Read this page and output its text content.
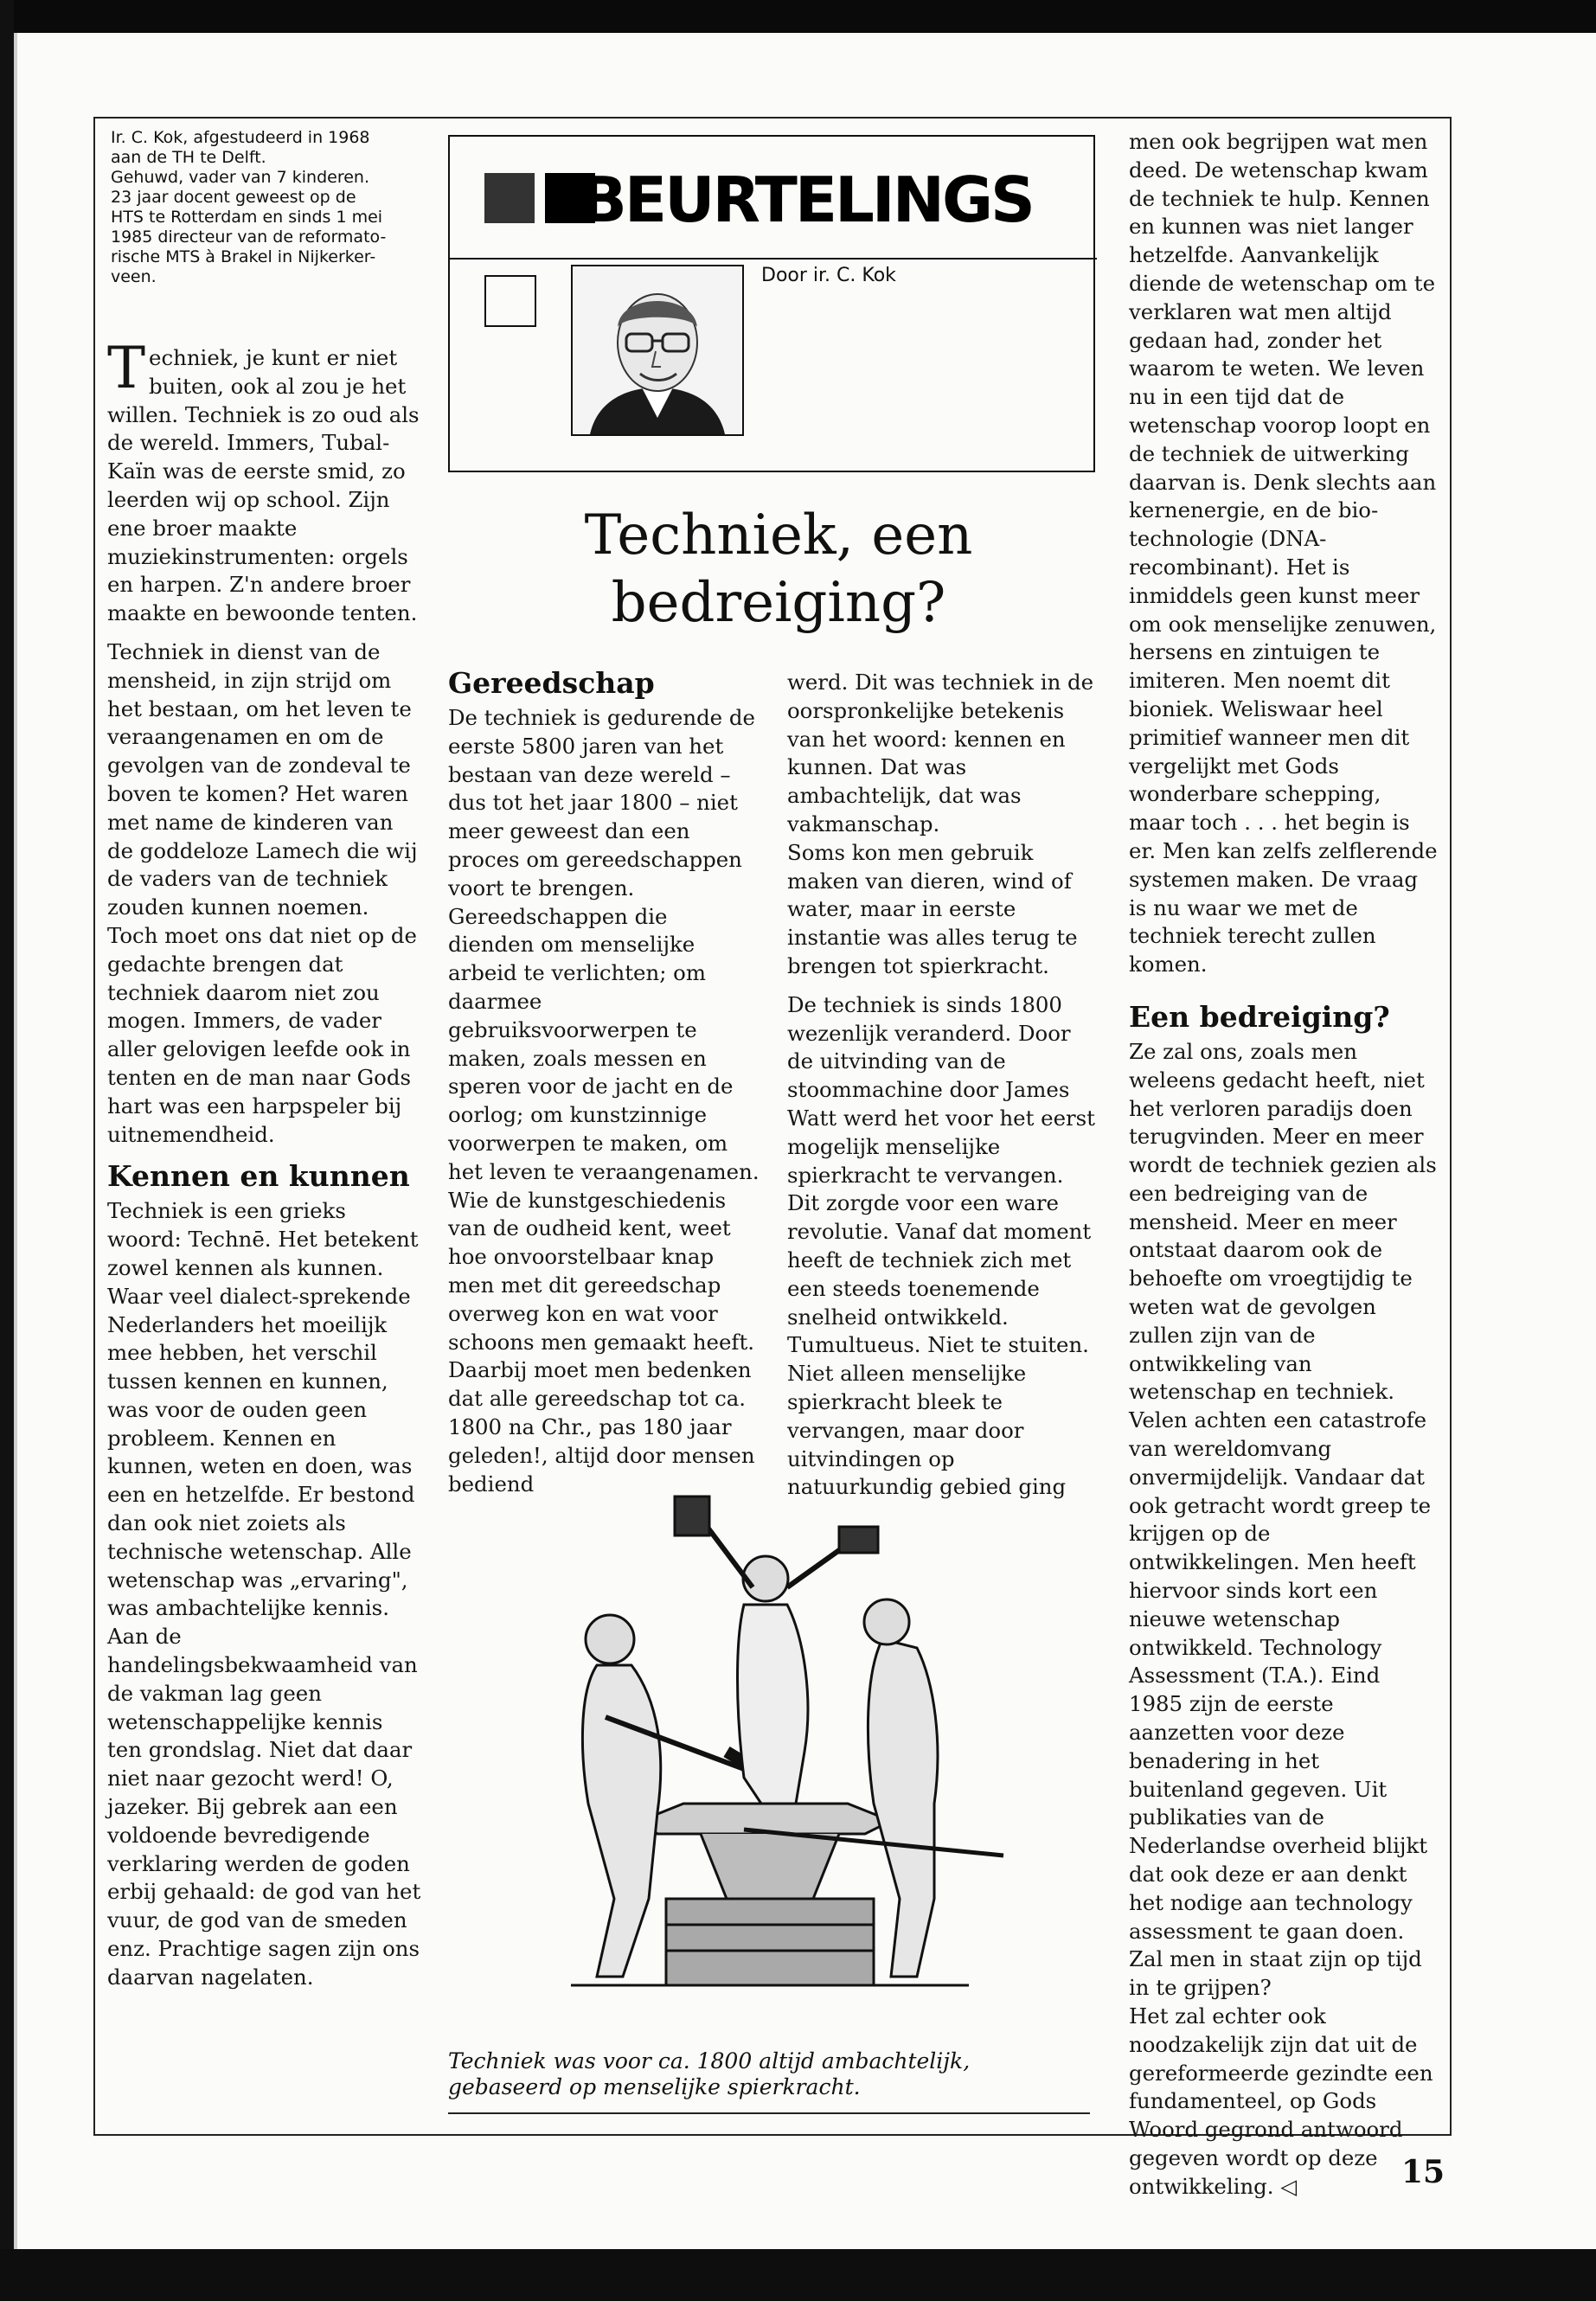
Ir. C. Kok, afgestudeerd in 1968
aan de TH te Delft.
Gehuwd, vader van 7 kinderen.
23 jaar docent geweest op de
HTS te Rotterdam en sinds 1 mei
1985 directeur van de reformato-
rische MTS à Brakel in Nijkerker-
veen.
BEURTELINGS
Door ir. C. Kok
Techniek, een
bedreiging?

Techniek, je kunt er niet buiten, ook al zou je het willen. Techniek is zo oud als de wereld. Immers, Tubal-Kaïn was de eerste smid, zo leerden wij op school. Zijn ene broer maakte muziekinstrumenten: orgels en harpen. Z'n andere broer maakte en bewoonde tenten.

Techniek in dienst van de mensheid, in zijn strijd om het bestaan, om het leven te veraangenamen en om de gevolgen van de zondeval te boven te komen? Het waren met name de kinderen van de goddeloze Lamech die wij de vaders van de techniek zouden kunnen noemen. Toch moet ons dat niet op de gedachte brengen dat techniek daarom niet zou mogen. Immers, de vader aller gelovigen leefde ook in tenten en de man naar Gods hart was een harpspeler bij uitnemendheid.

Kennen en kunnen

Techniek is een grieks woord: Technē. Het betekent zowel kennen als kunnen. Waar veel dialect-sprekende Nederlanders het moeilijk mee hebben, het verschil tussen kennen en kunnen, was voor de ouden geen probleem. Kennen en kunnen, weten en doen, was een en hetzelfde. Er bestond dan ook niet zoiets als technische wetenschap. Alle wetenschap was „ervaring", was ambachtelijke kennis. Aan de handelingsbekwaamheid van de vakman lag geen wetenschappelijke kennis ten grondslag. Niet dat daar niet naar gezocht werd! O, jazeker. Bij gebrek aan een voldoende bevredigende verklaring werden de goden erbij gehaald: de god van het vuur, de god van de smeden enz. Prachtige sagen zijn ons daarvan nagelaten.

Gereedschap

De techniek is gedurende de eerste 5800 jaren van het bestaan van deze wereld – dus tot het jaar 1800 – niet meer geweest dan een proces om gereedschappen voort te brengen. Gereedschappen die dienden om menselijke arbeid te verlichten; om daarmee gebruiksvoorwerpen te maken, zoals messen en speren voor de jacht en de oorlog; om kunstzinnige voorwerpen te maken, om het leven te veraangenamen. Wie de kunstgeschiedenis van de oudheid kent, weet hoe onvoorstelbaar knap men met dit gereedschap overweg kon en wat voor schoons men gemaakt heeft. Daarbij moet men bedenken dat alle gereedschap tot ca. 1800 na Chr., pas 180 jaar geleden!, altijd door mensen bediend

werd. Dit was techniek in de oorspronkelijke betekenis van het woord: kennen en kunnen. Dat was ambachtelijk, dat was vakmanschap.

Soms kon men gebruik maken van dieren, wind of water, maar in eerste instantie was alles terug te brengen tot spierkracht.

De techniek is sinds 1800 wezenlijk veranderd. Door de uitvinding van de stoommachine door James Watt werd het voor het eerst mogelijk menselijke spierkracht te vervangen. Dit zorgde voor een ware revolutie. Vanaf dat moment heeft de techniek zich met een steeds toenemende snelheid ontwikkeld. Tumultueus. Niet te stuiten.

Niet alleen menselijke spierkracht bleek te vervangen, maar door uitvindingen op natuurkundig gebied ging

men ook begrijpen wat men deed. De wetenschap kwam de techniek te hulp. Kennen en kunnen was niet langer hetzelfde. Aanvankelijk diende de wetenschap om te verklaren wat men altijd gedaan had, zonder het waarom te weten. We leven nu in een tijd dat de wetenschap voorop loopt en de techniek de uitwerking daarvan is. Denk slechts aan kernenergie, en de bio-technologie (DNA-recombinant). Het is inmiddels geen kunst meer om ook menselijke zenuwen, hersens en zintuigen te imiteren. Men noemt dit bioniek. Weliswaar heel primitief wanneer men dit vergelijkt met Gods wonderbare schepping, maar toch . . . het begin is er. Men kan zelfs zelflerende systemen maken. De vraag is nu waar we met de techniek terecht zullen komen.

Een bedreiging?

Ze zal ons, zoals men weleens gedacht heeft, niet het verloren paradijs doen terugvinden. Meer en meer wordt de techniek gezien als een bedreiging van de mensheid. Meer en meer ontstaat daarom ook de behoefte om vroegtijdig te weten wat de gevolgen zullen zijn van de ontwikkeling van wetenschap en techniek. Velen achten een catastrofe van wereldomvang onvermijdelijk. Vandaar dat ook getracht wordt greep te krijgen op de ontwikkelingen. Men heeft hiervoor sinds kort een nieuwe wetenschap ontwikkeld. Technology Assessment (T.A.). Eind 1985 zijn de eerste aanzetten voor deze benadering in het buitenland gegeven. Uit publikaties van de Nederlandse overheid blijkt dat ook deze er aan denkt het nodige aan technology assessment te gaan doen. Zal men in staat zijn op tijd in te grijpen?

Het zal echter ook noodzakelijk zijn dat uit de gereformeerde gezindte een fundamenteel, op Gods Woord gegrond antwoord gegeven wordt op deze ontwikkeling. ◁

Techniek was voor ca. 1800 altijd ambachtelijk, gebaseerd op menselijke spierkracht.
15
